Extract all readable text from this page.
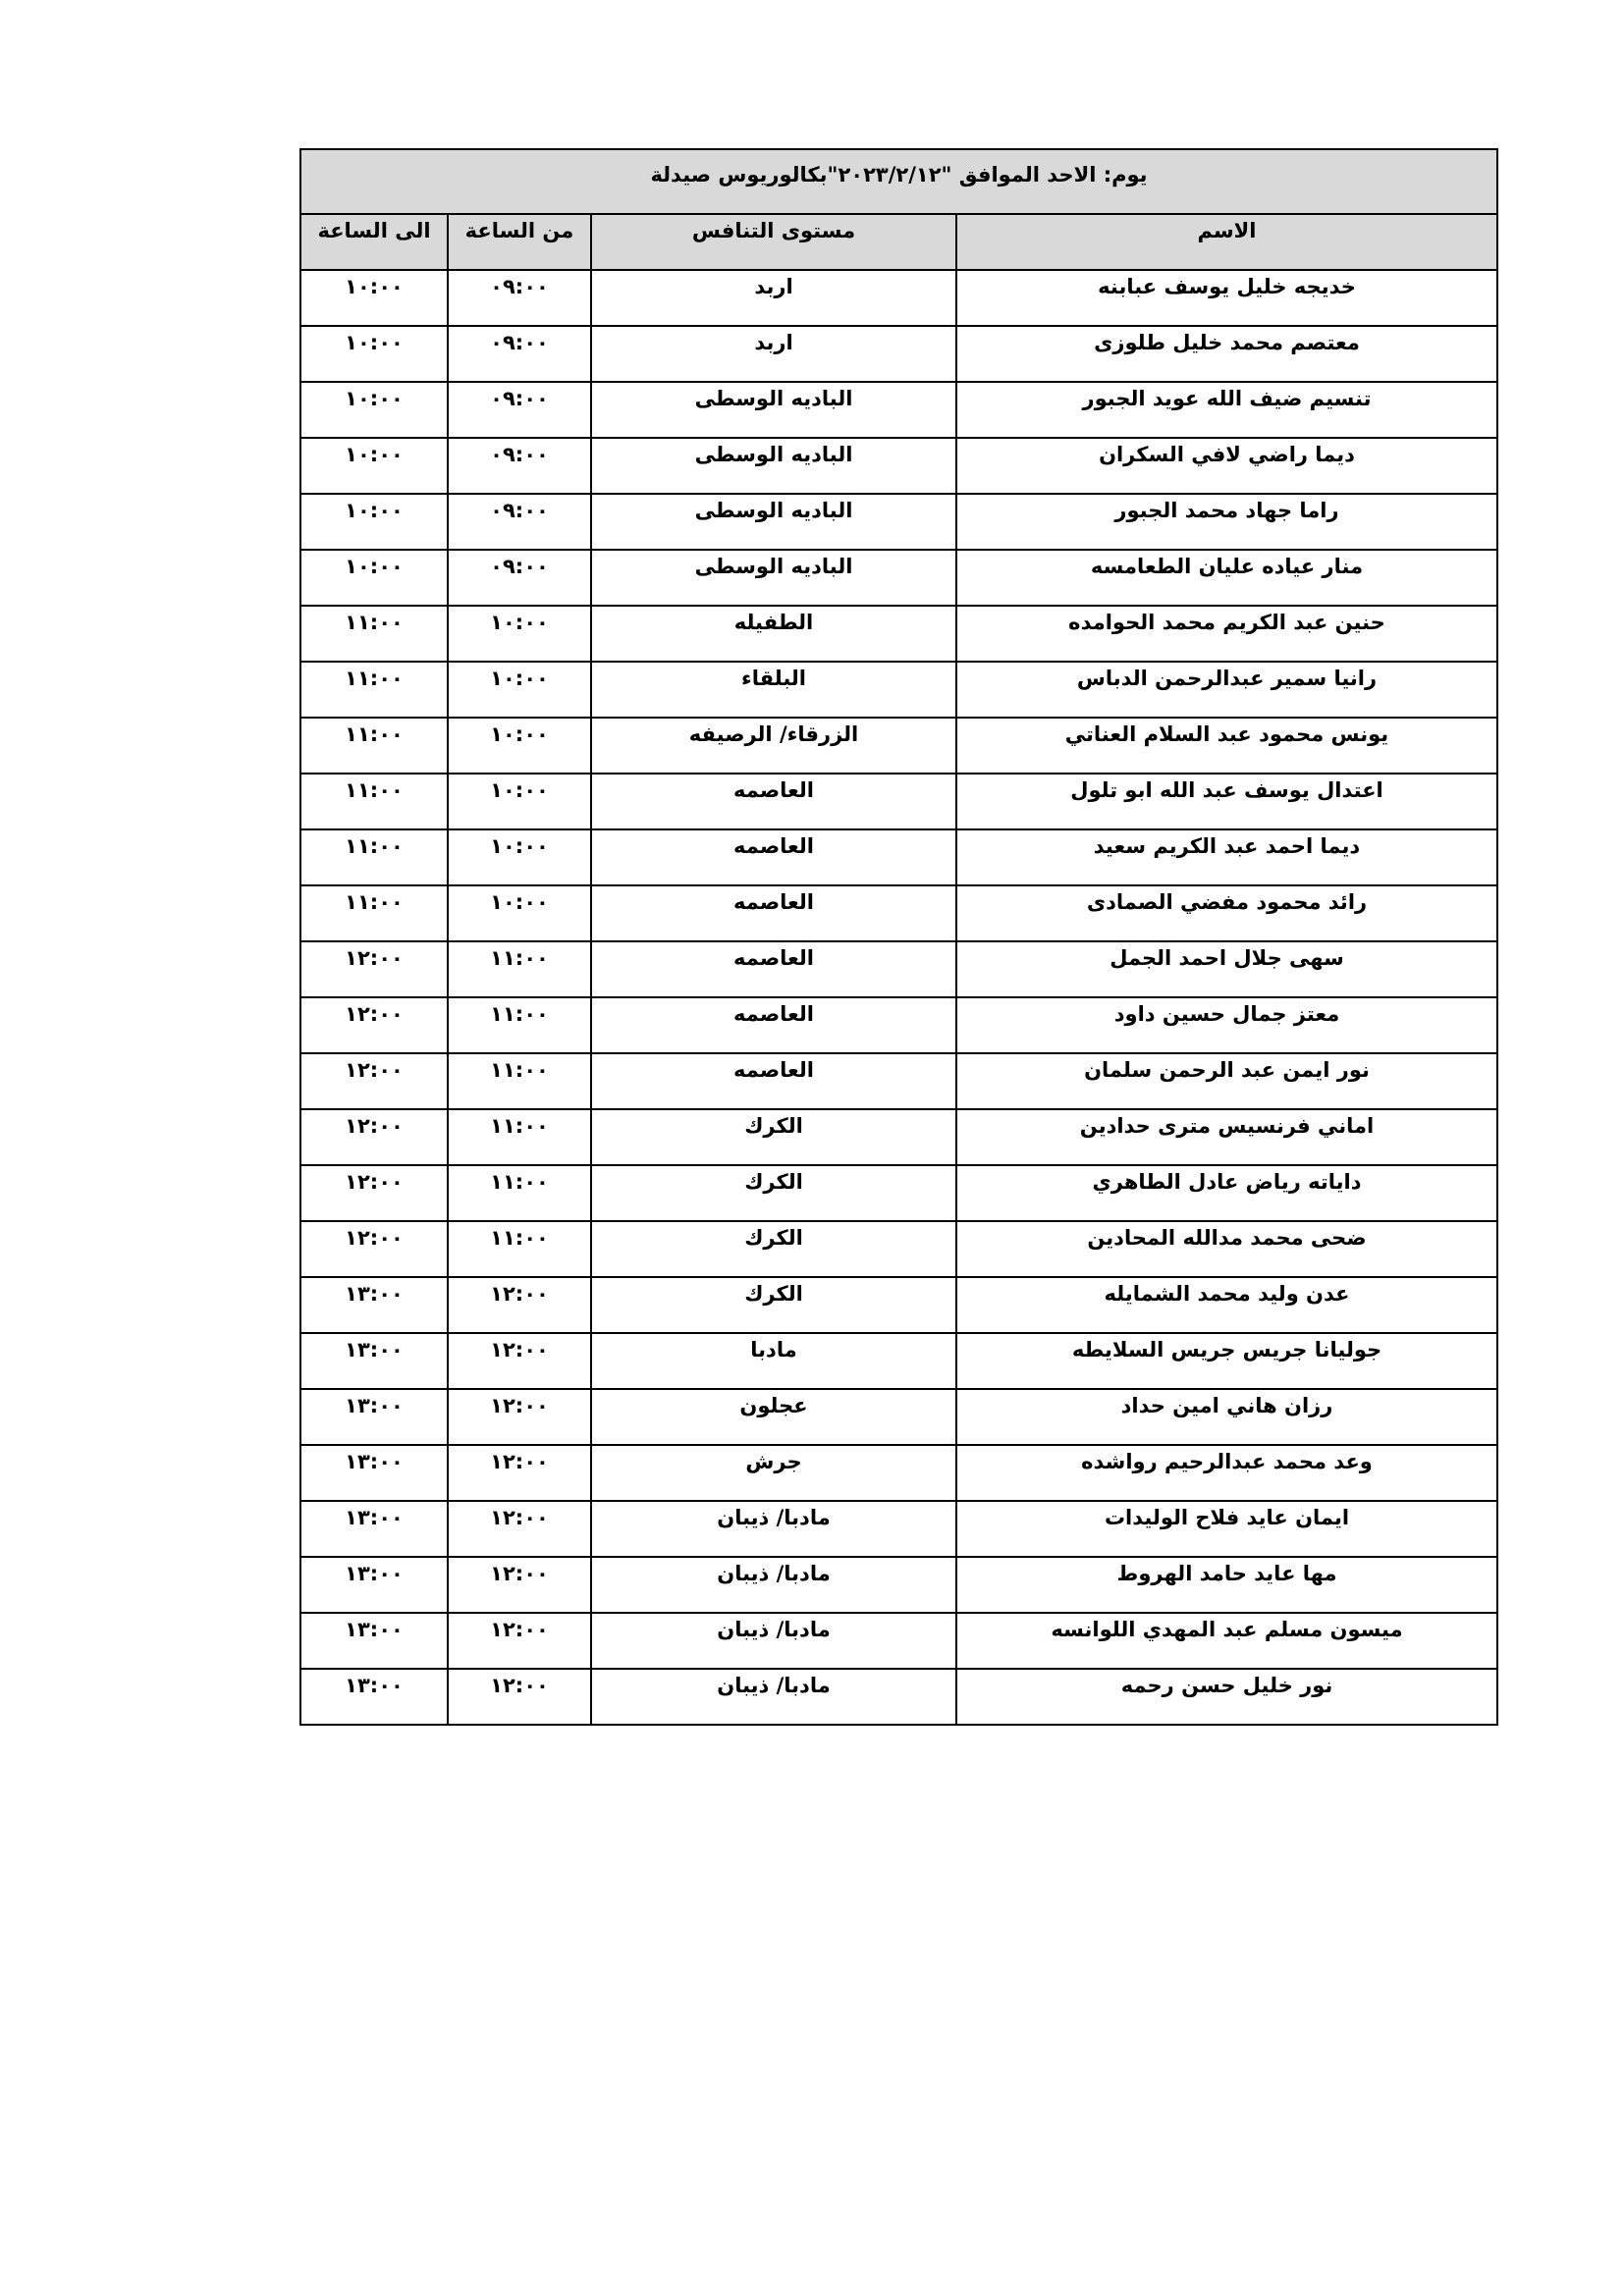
يوم: الاحد الموافق "٢٠٢٣/٢/١٢"بكالوريوس صيدلة			
الاسم	مستوى التنافس	من الساعة	الى الساعة
خديجه خليل يوسف عبابنه	اربد	٠٩:٠٠	١٠:٠٠
معتصم محمد خليل طلوزى	اربد	٠٩:٠٠	١٠:٠٠
تنسيم ضيف الله عويد الجبور	الباديه الوسطى	٠٩:٠٠	١٠:٠٠
ديما راضي لافي السكران	الباديه الوسطى	٠٩:٠٠	١٠:٠٠
راما جهاد محمد الجبور	الباديه الوسطى	٠٩:٠٠	١٠:٠٠
منار عياده عليان الطعامسه	الباديه الوسطى	٠٩:٠٠	١٠:٠٠
حنين عبد الكريم محمد الحوامده	الطفيله	١٠:٠٠	١١:٠٠
رانيا سمير عبدالرحمن الدباس	البلقاء	١٠:٠٠	١١:٠٠
يونس محمود عبد السلام العناتي	الزرقاء/ الرصيفه	١٠:٠٠	١١:٠٠
اعتدال يوسف عبد الله ابو تلول	العاصمه	١٠:٠٠	١١:٠٠
ديما احمد عبد الكريم سعيد	العاصمه	١٠:٠٠	١١:٠٠
رائد محمود مفضي الصمادى	العاصمه	١٠:٠٠	١١:٠٠
سهى جلال احمد الجمل	العاصمه	١١:٠٠	١٢:٠٠
معتز جمال حسين داود	العاصمه	١١:٠٠	١٢:٠٠
نور ايمن عبد الرحمن سلمان	العاصمه	١١:٠٠	١٢:٠٠
اماني فرنسيس مترى حدادين	الكرك	١١:٠٠	١٢:٠٠
داياته رياض عادل الطاهري	الكرك	١١:٠٠	١٢:٠٠
ضحى محمد مدالله المحادين	الكرك	١١:٠٠	١٢:٠٠
عدن وليد محمد الشمايله	الكرك	١٢:٠٠	١٣:٠٠
جوليانا جريس جريس السلايطه	مادبا	١٢:٠٠	١٣:٠٠
رزان هاني امين حداد	عجلون	١٢:٠٠	١٣:٠٠
وعد محمد عبدالرحيم رواشده	جرش	١٢:٠٠	١٣:٠٠
ايمان عايد فلاح الوليدات	مادبا/ ذيبان	١٢:٠٠	١٣:٠٠
مها عايد حامد الهروط	مادبا/ ذيبان	١٢:٠٠	١٣:٠٠
ميسون مسلم عبد المهدي اللوانسه	مادبا/ ذيبان	١٢:٠٠	١٣:٠٠
نور خليل حسن رحمه	مادبا/ ذيبان	١٢:٠٠	١٣:٠٠
